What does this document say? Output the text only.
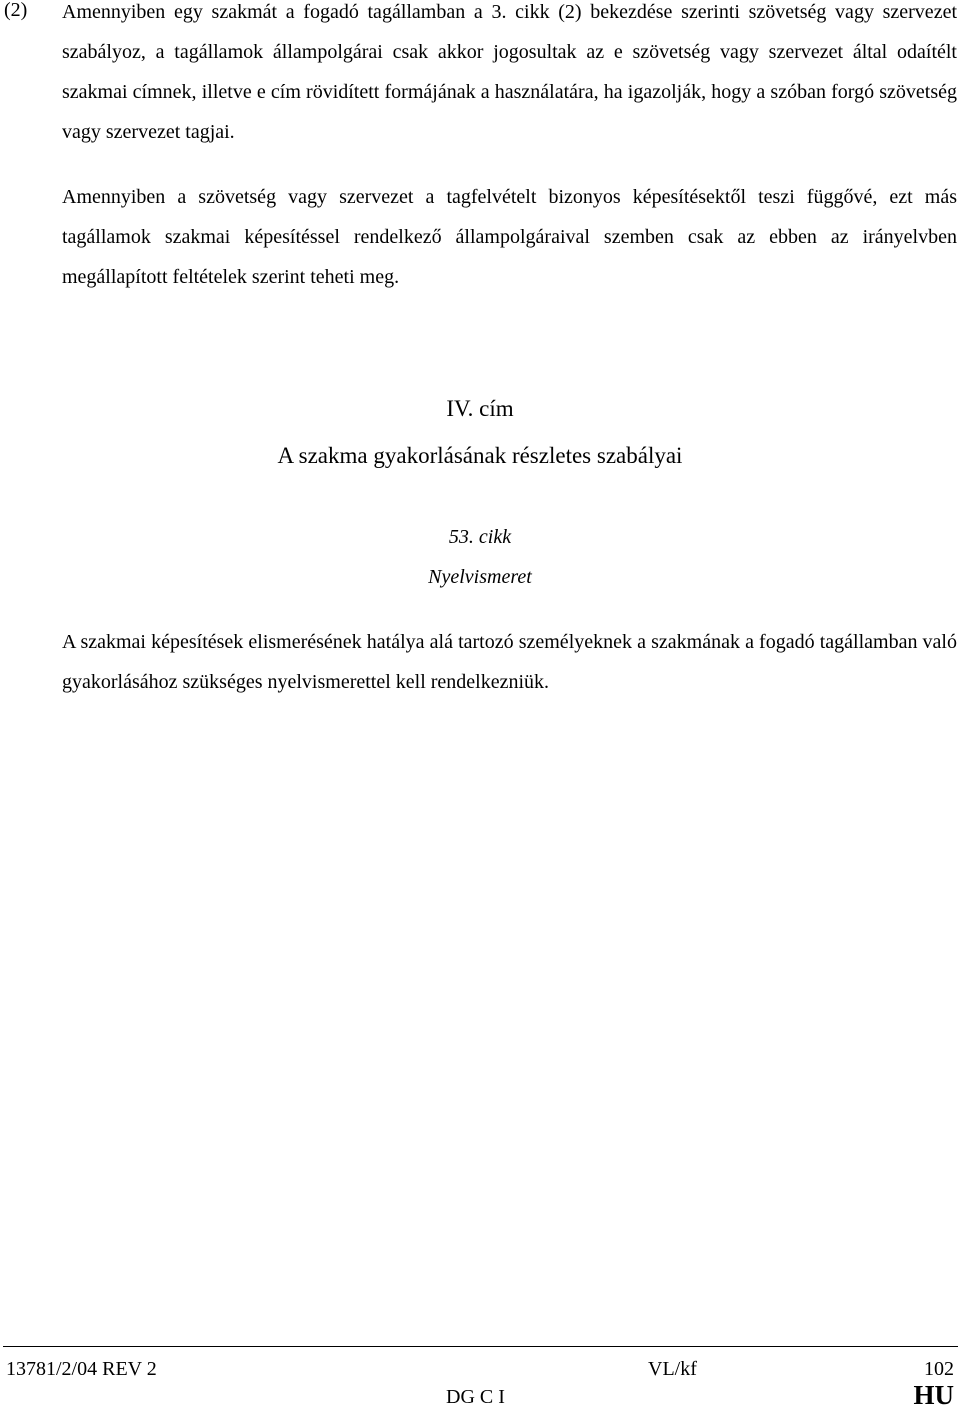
(2) Amennyiben egy szakmát a fogadó tagállamban a 3. cikk (2) bekezdése szerinti szövetség vagy szervezet szabályoz, a tagállamok állampolgárai csak akkor jogosultak az e szövetség vagy szervezet által odaítélt szakmai címnek, illetve e cím rövidített formájának a használatára, ha igazolják, hogy a szóban forgó szövetség vagy szervezet tagjai.

Amennyiben a szövetség vagy szervezet a tagfelvételt bizonyos képesítésektől teszi függővé, ezt más tagállamok szakmai képesítéssel rendelkező állampolgáraival szemben csak az ebben az irányelvben megállapított feltételek szerint teheti meg.

IV. cím

A szakma gyakorlásának részletes szabályai

53. cikk

Nyelvismeret

A szakmai képesítések elismerésének hatálya alá tartozó személyeknek a szakmának a fogadó tagállamban való gyakorlásához szükséges nyelvismerettel kell rendelkezniük.

13781/2/04 REV 2	VL/kf	102
DG C I	HU
